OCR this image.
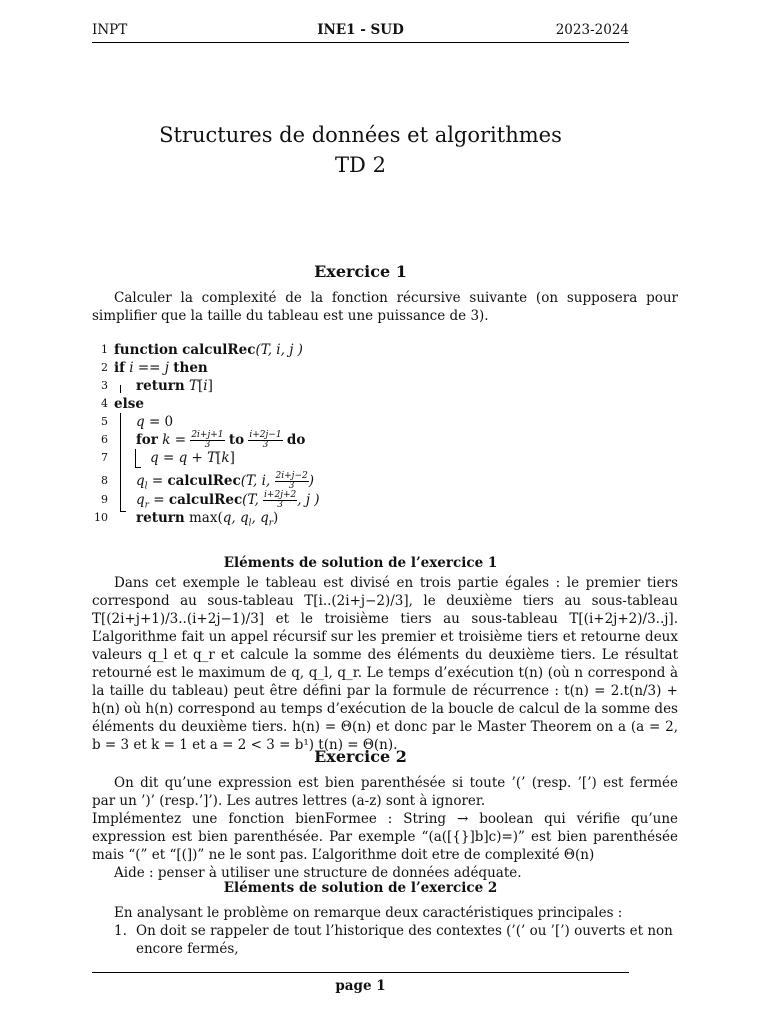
INPT	INE1 - SUD	2023-2024
Structures de données et algorithmes
TD 2
Exercice 1

Calculer la complexité de la fonction récursive suivante (on supposera pour simplifier que la taille du tableau est une puissance de 3).

1 function calculRec(T, i, j )
2 if i == j then
3 return T[i]
4 else
5 q = 0
6 for $k = \frac{2i+j+1}{3}$ to $\frac{i+2j-1}{3}$ do
7	q = q + T[k]
8 $q_l$ = calculRec(T, i, $\frac{2i+j-2}{3}$ )
9 $q_r$ = calculRec(T, $\frac{i+2j+2}{3}$ , j )
10 return max(q, $q_l$, $q_r$)
Eléments de solution de l’exercice 1

Dans cet exemple le tableau est divisé en trois partie égales : le premier tiers correspond au sous-tableau T[i..(2i+j−2)/3], le deuxième tiers au sous-tableau T[(2i+j+1)/3..(i+2j−1)/3] et le troisième tiers au sous-tableau T[(i+2j+2)/3..j]. L’algorithme fait un appel récursif sur les premier et troisième tiers et retourne deux valeurs q_l et q_r et calcule la somme des éléments du deuxième tiers. Le résultat retourné est le maximum de q, q_l, q_r. Le temps d’exécution t(n) (où n correspond à la taille du tableau) peut être défini par la formule de récurrence : t(n) = 2.t(n/3) + h(n) où h(n) correspond au temps d’exécution de la boucle de calcul de la somme des éléments du deuxième tiers. h(n) = Θ(n) et donc par le Master Theorem on a (a = 2, b = 3 et k = 1 et a = 2 < 3 = b¹) t(n) = Θ(n).

Exercice 2

On dit qu’une expression est bien parenthésée si toute ’(’ (resp. ’[’) est fermée par un ’)’ (resp.’]’). Les autres lettres (a-z) sont à ignorer.

Implémentez une fonction bienFormee : String → boolean qui vérifie qu’une expression est bien parenthésée. Par exemple “(a([{}]b]c)=)” est bien parenthésée mais “(” et “[(])” ne le sont pas. L’algorithme doit etre de complexité Θ(n)

Aide : penser à utiliser une structure de données adéquate.

Eléments de solution de l’exercice 2

En analysant le problème on remarque deux caractéristiques principales :

1. On doit se rappeler de tout l’historique des contextes (’(’ ou ’[’) ouverts et non encore fermés,
page 1
